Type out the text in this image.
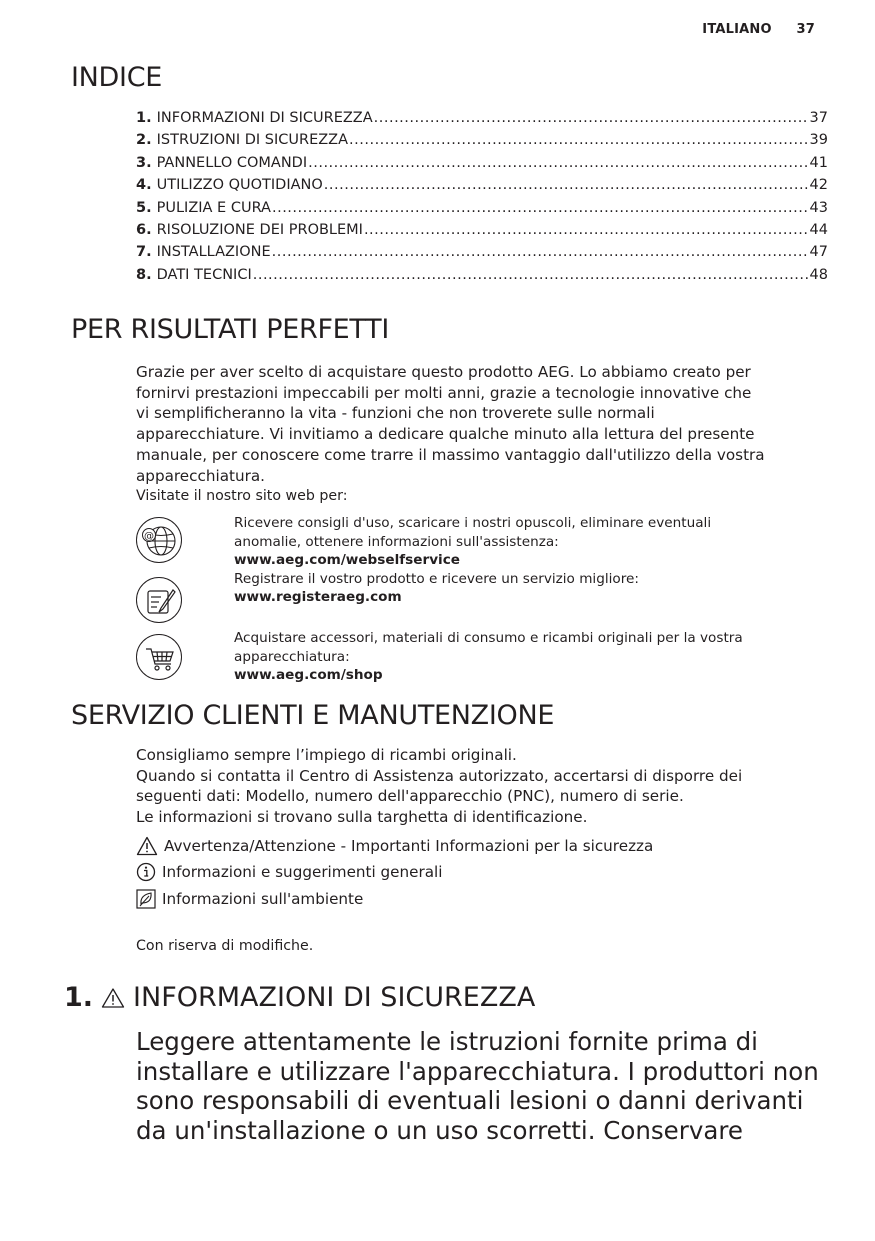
ITALIANO 37
INDICE
1. INFORMAZIONI DI SICUREZZA .....	37
2. ISTRUZIONI DI SICUREZZA .....	39
3. PANNELLO COMANDI .....	41
4. UTILIZZO QUOTIDIANO .....	42
5. PULIZIA E CURA .....	43
6. RISOLUZIONE DEI PROBLEMI .....	44
7. INSTALLAZIONE .....	47
8. DATI TECNICI .....	48
PER RISULTATI PERFETTI
Grazie per aver scelto di acquistare questo prodotto AEG. Lo abbiamo creato per
fornirvi prestazioni impeccabili per molti anni, grazie a tecnologie innovative che
vi semplificheranno la vita - funzioni che non troverete sulle normali
apparecchiature. Vi invitiamo a dedicare qualche minuto alla lettura del presente
manuale, per conoscere come trarre il massimo vantaggio dall'utilizzo della vostra
apparecchiatura.
Visitate il nostro sito web per:
@
Ricevere consigli d'uso, scaricare i nostri opuscoli, eliminare eventuali
anomalie, ottenere informazioni sull'assistenza:
www.aeg.com/webselfservice
Registrare il vostro prodotto e ricevere un servizio migliore:
www.registeraeg.com
Acquistare accessori, materiali di consumo e ricambi originali per la vostra
apparecchiatura:
www.aeg.com/shop
SERVIZIO CLIENTI E MANUTENZIONE
Consigliamo sempre l’impiego di ricambi originali.
Quando si contatta il Centro di Assistenza autorizzato, accertarsi di disporre dei
seguenti dati: Modello, numero dell'apparecchio (PNC), numero di serie.
Le informazioni si trovano sulla targhetta di identificazione.
Avvertenza/Attenzione - Importanti Informazioni per la sicurezza
Informazioni e suggerimenti generali
Informazioni sull'ambiente
Con riserva di modifiche.
1. INFORMAZIONI DI SICUREZZA
Leggere attentamente le istruzioni fornite prima di
installare e utilizzare l'apparecchiatura. I produttori non
sono responsabili di eventuali lesioni o danni derivanti
da un'installazione o un uso scorretti. Conservare
